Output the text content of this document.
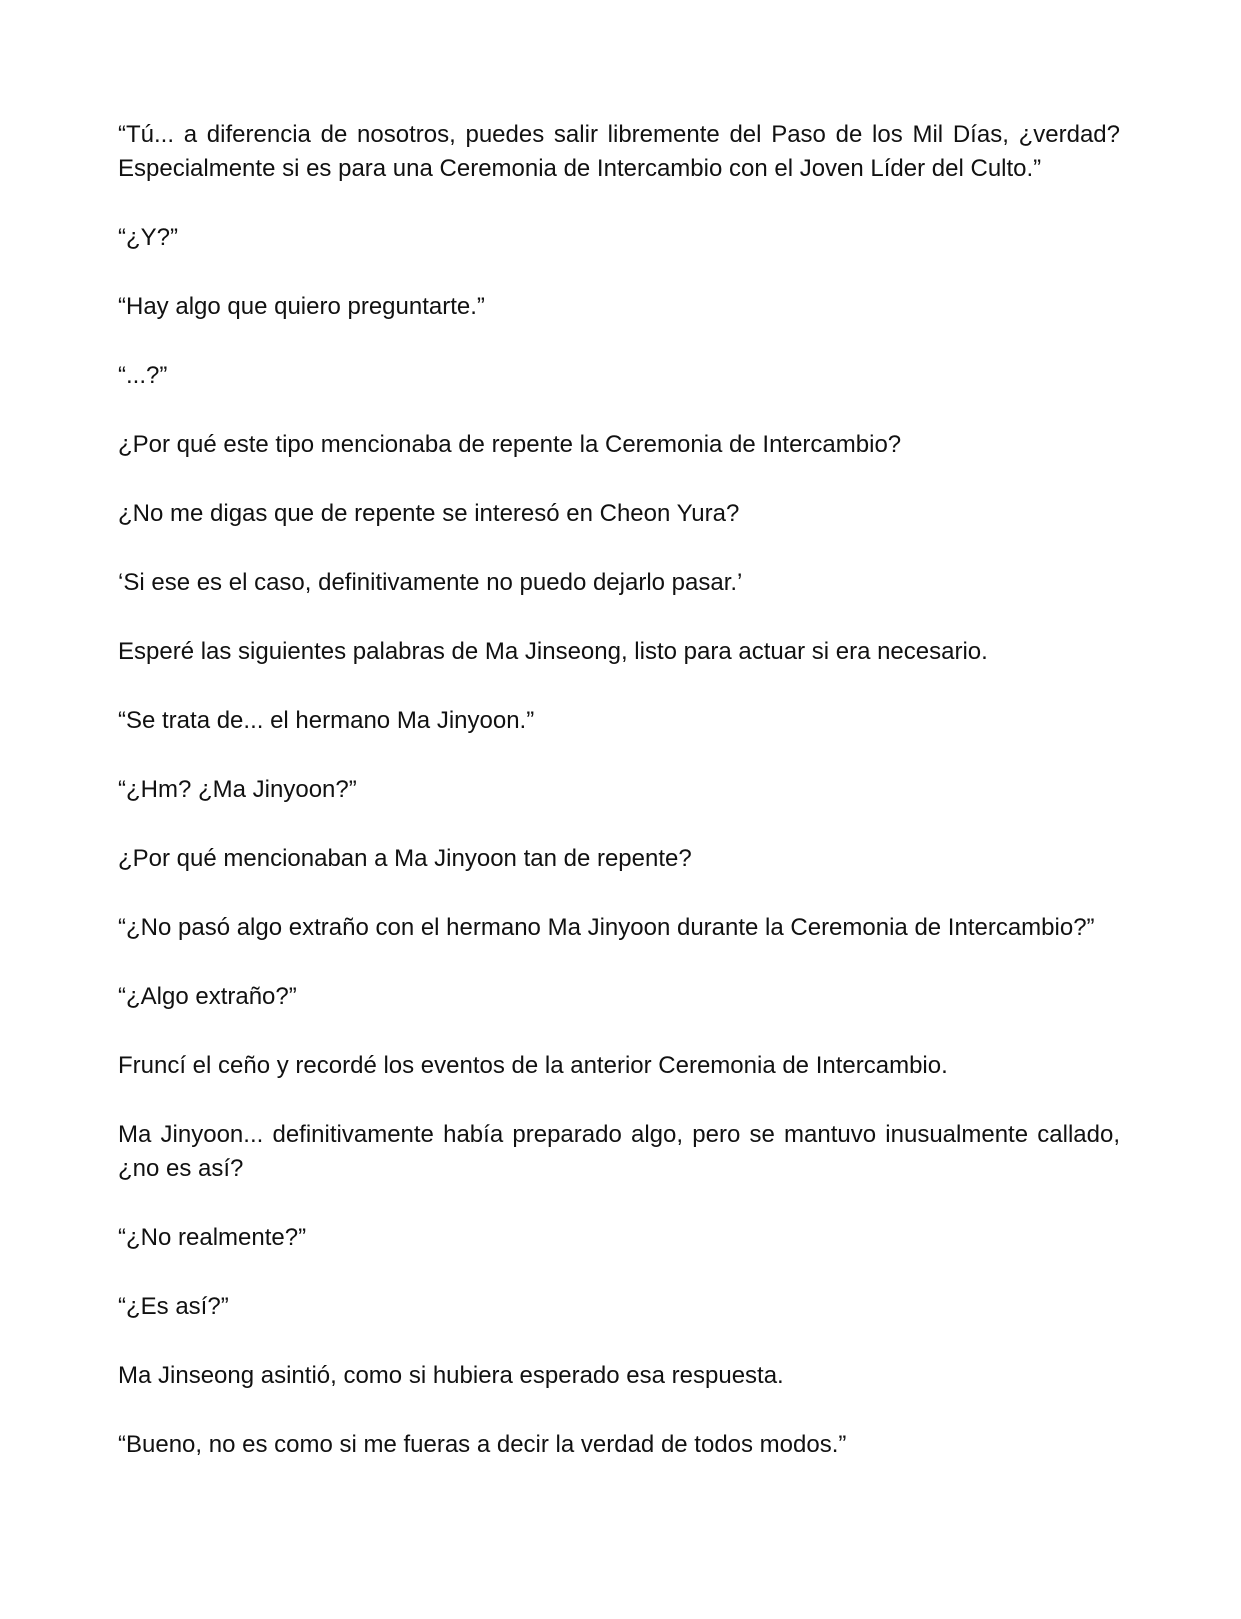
“Tú... a diferencia de nosotros, puedes salir libremente del Paso de los Mil Días, ¿verdad? Especialmente si es para una Ceremonia de Intercambio con el Joven Líder del Culto.”

“¿Y?”

“Hay algo que quiero preguntarte.”

“...?”

¿Por qué este tipo mencionaba de repente la Ceremonia de Intercambio?

¿No me digas que de repente se interesó en Cheon Yura?

‘Si ese es el caso, definitivamente no puedo dejarlo pasar.’

Esperé las siguientes palabras de Ma Jinseong, listo para actuar si era necesario.

“Se trata de... el hermano Ma Jinyoon.”

“¿Hm? ¿Ma Jinyoon?”

¿Por qué mencionaban a Ma Jinyoon tan de repente?

“¿No pasó algo extraño con el hermano Ma Jinyoon durante la Ceremonia de Intercambio?”

“¿Algo extraño?”

Fruncí el ceño y recordé los eventos de la anterior Ceremonia de Intercambio.

Ma Jinyoon... definitivamente había preparado algo, pero se mantuvo inusualmente callado, ¿no es así?

“¿No realmente?”

“¿Es así?”

Ma Jinseong asintió, como si hubiera esperado esa respuesta.

“Bueno, no es como si me fueras a decir la verdad de todos modos.”
